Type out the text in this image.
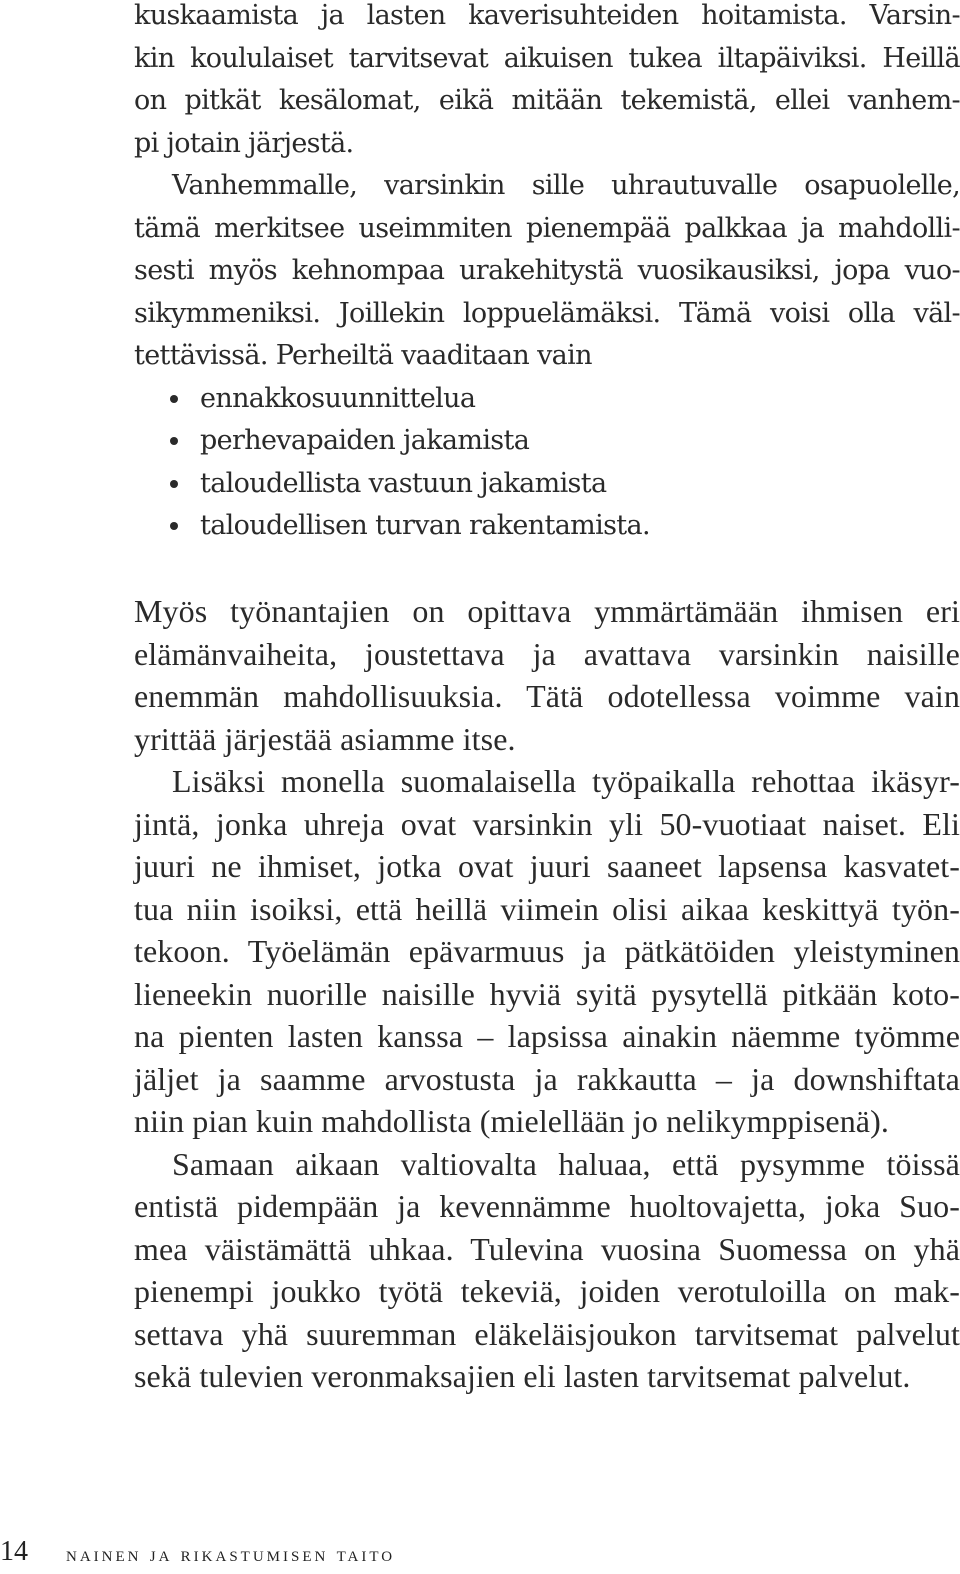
kuskaamista ja lasten kaverisuhteiden hoitamista. Varsin-
kin koululaiset tarvitsevat aikuisen tukea iltapäiviksi. Heillä
on pitkät kesälomat, eikä mitään tekemistä, ellei vanhem-
pi jotain järjestä.
Vanhemmalle, varsinkin sille uhrautuvalle osapuolelle,
tämä merkitsee useimmiten pienempää palkkaa ja mahdolli-
sesti myös kehnompaa urakehitystä vuosikausiksi, jopa vuo-
sikymmeniksi. Joillekin loppuelämäksi. Tämä voisi olla väl-
tettävissä. Perheiltä vaaditaan vain
ennakkosuunnittelua
perhevapaiden jakamista
taloudellista vastuun jakamista
taloudellisen turvan rakentamista.
Myös työnantajien on opittava ymmärtämään ihmisen eri
elämänvaiheita, joustettava ja avattava varsinkin naisille
enemmän mahdollisuuksia. Tätä odotellessa voimme vain
yrittää järjestää asiamme itse.
Lisäksi monella suomalaisella työpaikalla rehottaa ikäsyr-
jintä, jonka uhreja ovat varsinkin yli 50-vuotiaat naiset. Eli
juuri ne ihmiset, jotka ovat juuri saaneet lapsensa kasvatet-
tua niin isoiksi, että heillä viimein olisi aikaa keskittyä työn-
tekoon. Työelämän epävarmuus ja pätkätöiden yleistyminen
lieneekin nuorille naisille hyviä syitä pysytellä pitkään koto-
na pienten lasten kanssa – lapsissa ainakin näemme työmme
jäljet ja saamme arvostusta ja rakkautta – ja downshiftata
niin pian kuin mahdollista (mielellään jo nelikymppisenä).
Samaan aikaan valtiovalta haluaa, että pysymme töissä
entistä pidempään ja kevennämme huoltovajetta, joka Suo-
mea väistämättä uhkaa. Tulevina vuosina Suomessa on yhä
pienempi joukko työtä tekeviä, joiden verotuloilla on mak-
settava yhä suuremman eläkeläisjoukon tarvitsemat palvelut
sekä tulevien veronmaksajien eli lasten tarvitsemat palvelut.
14 nainen ja rikastumisen taito
